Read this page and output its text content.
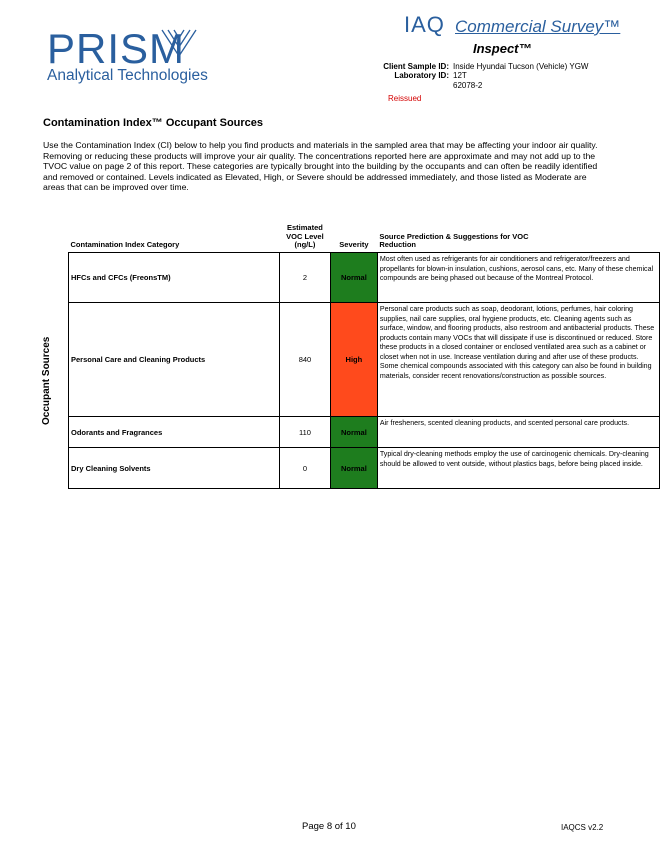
PRISM
Analytical Technologies
IAQ Commercial Survey™
Inspect™
Client Sample ID: Inside Hyundai Tucson (Vehicle) YGW
Laboratory ID: 12T
62078-2
Reissued
Contamination Index™ Occupant Sources
Use the Contamination Index (CI) below to help you find products and materials in the sampled area that may be affecting your indoor air quality. Removing or reducing these products will improve your air quality. The concentrations reported here are approximate and may not add up to the TVOC value on page 2 of this report. These categories are typically brought into the building by the occupants and can often be readily identified and removed or contained. Levels indicated as Elevated, High, or Severe should be addressed immediately, and those listed as Moderate are areas that can be improved over time.
Occupant Sources
Contamination Index Category	Estimated VOC Level (ng/L)	Severity	Source Prediction & Suggestions for VOC Reduction
HFCs and CFCs (FreonsTM)	2	Normal	Most often used as refrigerants for air conditioners and refrigerator/freezers and propellants for blown-in insulation, cushions, aerosol cans, etc. Many of these chemical compounds are being phased out because of the Montreal Protocol.
Personal Care and Cleaning Products	840	High	Personal care products such as soap, deodorant, lotions, perfumes, hair coloring supplies, nail care supplies, oral hygiene products, etc. Cleaning agents such as surface, window, and flooring products, also restroom and antibacterial products. These products contain many VOCs that will dissipate if use is discontinued or reduced. Store these products in a closed container or enclosed ventilated area such as a cabinet or closet when not in use. Increase ventilation during and after use of these products. Some chemical compounds associated with this category can also be found in building materials, consider recent renovations/construction as possible sources.
Odorants and Fragrances	110	Normal	Air fresheners, scented cleaning products, and scented personal care products.
Dry Cleaning Solvents	0	Normal	Typical dry-cleaning methods employ the use of carcinogenic chemicals. Dry-cleaning should be allowed to vent outside, without plastics bags, before being placed inside.
Page 8 of 10	IAQCS v2.2
